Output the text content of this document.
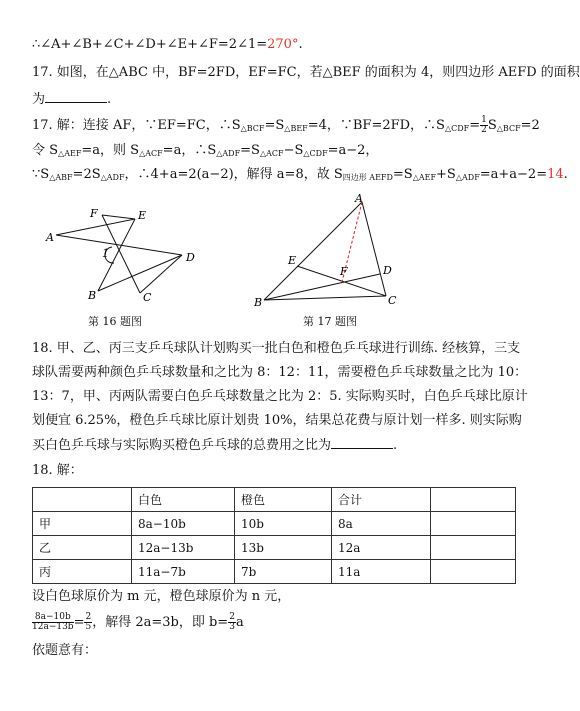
∴∠A+∠B+∠C+∠D+∠E+∠F=2∠1=270°.
17. 如图，在△ABC 中，BF=2FD，EF=FC，若△BEF 的面积为 4，则四边形 AEFD 的面积
为	.
17. 解：连接 AF，∵EF=FC，$\therefore S_{\triangle BCF}=S_{\triangle BEF}=4$，∵BF=2FD，$\therefore S_{\triangle CDF}= \frac{1}{2} S_{\triangle BCF}=2$
令 $S_{\triangle AEF}=a$，则 $S_{\triangle ACF}=a$，$\therefore S_{\triangle ADF}=S_{\triangle ACF}-S_{\triangle CDF}=a-2$，
$\because S_{\triangle ABF}=2S_{\triangle ADF}$，∴4+a=2(a−2)，解得 a=8，故 $S_{四边形 AEFD}=S_{\triangle AEF}+S_{\triangle ADF}=a+a-2=14$.
F	E
A
1	D
B	C
第 16 题图
A
E
F	D
B	C
第 17 题图
18. 甲、乙、丙三支乒乓球队计划购买一批白色和橙色乒乓球进行训练. 经核算，三支
球队需要两种颜色乒乓球数量和之比为 8：12：11，需要橙色乒乓球数量之比为 10：
13：7，甲、丙两队需要白色乒乓球数量之比为 2：5. 实际购买时，白色乒乓球比原计
划便宜 6.25%，橙色乒乓球比原计划贵 10%，结果总花费与原计划一样多. 则实际购
买白色乒乓球与实际购买橙色乒乓球的总费用之比为	.
18. 解：
	白色	橙色	合计	
甲	8a−10b	10b	8a	
乙	12a−13b	13b	12a	
丙	11a−7b	7b	11a	
设白色球原价为 m 元，橙色球原价为 n 元，
$\frac{8a-10b}{12a-13b} = \frac{2}{5}$ ，解得 2a=3b，即 $b= \frac{2}{3}$ a
依题意有：
